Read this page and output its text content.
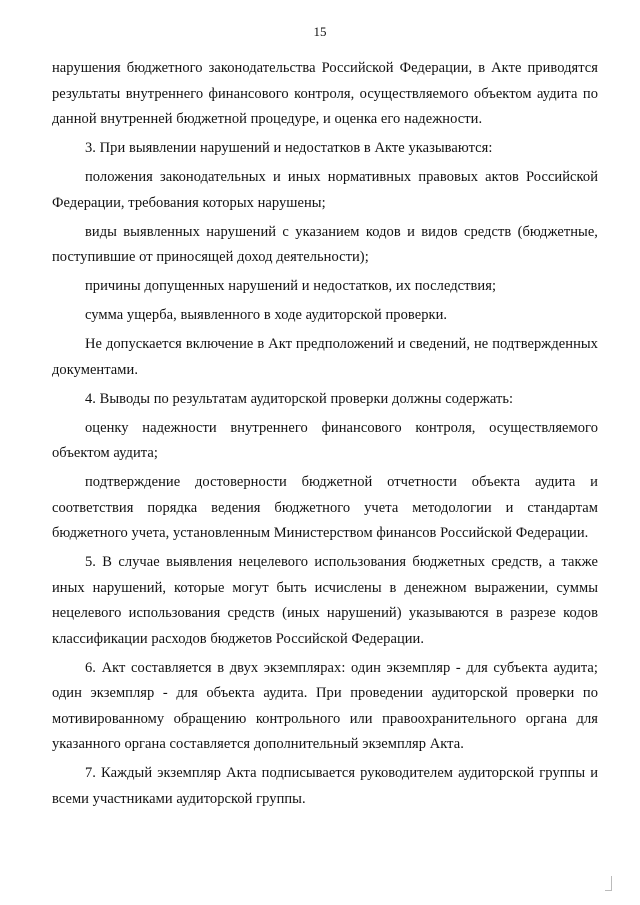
15

нарушения бюджетного законодательства Российской Федерации, в Акте приводятся результаты внутреннего финансового контроля, осуществляемого объектом аудита по данной внутренней бюджетной процедуре, и оценка его надежности.

3. При выявлении нарушений и недостатков в Акте указываются:

положения законодательных и иных нормативных правовых актов Российской Федерации, требования которых нарушены;

виды выявленных нарушений с указанием кодов и видов средств (бюджетные, поступившие от приносящей доход деятельности);

причины допущенных нарушений и недостатков, их последствия;

сумма ущерба, выявленного в ходе аудиторской проверки.

Не допускается включение в Акт предположений и сведений, не подтвержденных документами.

4. Выводы по результатам аудиторской проверки должны содержать:

оценку надежности внутреннего финансового контроля, осуществляемого объектом аудита;

подтверждение достоверности бюджетной отчетности объекта аудита и соответствия порядка ведения бюджетного учета методологии и стандартам бюджетного учета, установленным Министерством финансов Российской Федерации.

5. В случае выявления нецелевого использования бюджетных средств, а также иных нарушений, которые могут быть исчислены в денежном выражении, суммы нецелевого использования средств (иных нарушений) указываются в разрезе кодов классификации расходов бюджетов Российской Федерации.

6. Акт составляется в двух экземплярах: один экземпляр - для субъекта аудита; один экземпляр - для объекта аудита. При проведении аудиторской проверки по мотивированному обращению контрольного или правоохранительного органа для указанного органа составляется дополнительный экземпляр Акта.

7. Каждый экземпляр Акта подписывается руководителем аудиторской группы и всеми участниками аудиторской группы.
